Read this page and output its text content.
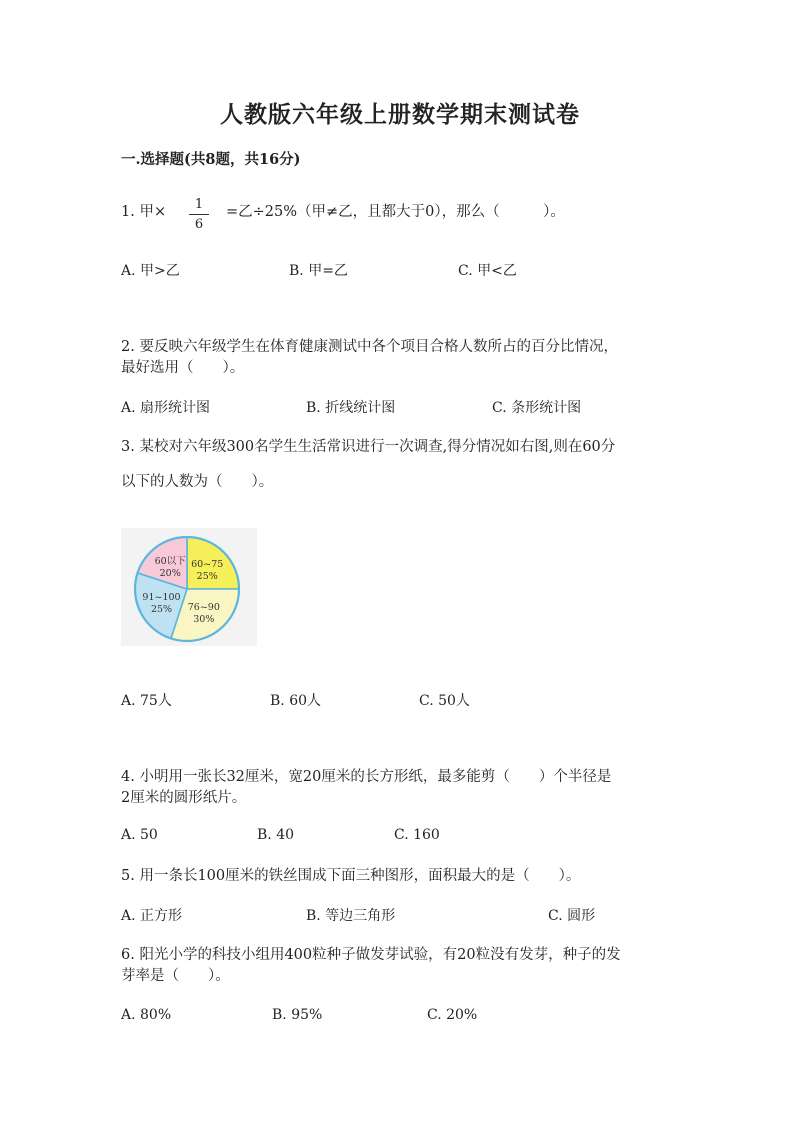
人教版六年级上册数学期末测试卷
一.选择题(共8题，共16分)
1. 甲×	1
6
=乙÷25%（甲≠乙，且都大于0），那么（　　　）。
A. 甲>乙	B. 甲=乙	C. 甲<乙
2. 要反映六年级学生在体育健康测试中各个项目合格人数所占的百分比情况，
最好选用（　　）。
A. 扇形统计图	B. 折线统计图	C. 条形统计图
3. 某校对六年级300名学生生活常识进行一次调查,得分情况如右图,则在60分
以下的人数为（　　）。
60~75
25%
76~90
30%
91~100
25%
60以下
20%
A. 75人	B. 60人	C. 50人
4. 小明用一张长32厘米，宽20厘米的长方形纸，最多能剪（　　）个半径是
2厘米的圆形纸片。
A. 50	B. 40	C. 160
5. 用一条长100厘米的铁丝围成下面三种图形，面积最大的是（　　）。
A. 正方形	B. 等边三角形	C. 圆形
6. 阳光小学的科技小组用400粒种子做发芽试验，有20粒没有发芽，种子的发
芽率是（　　）。
A. 80%	B. 95%	C. 20%
